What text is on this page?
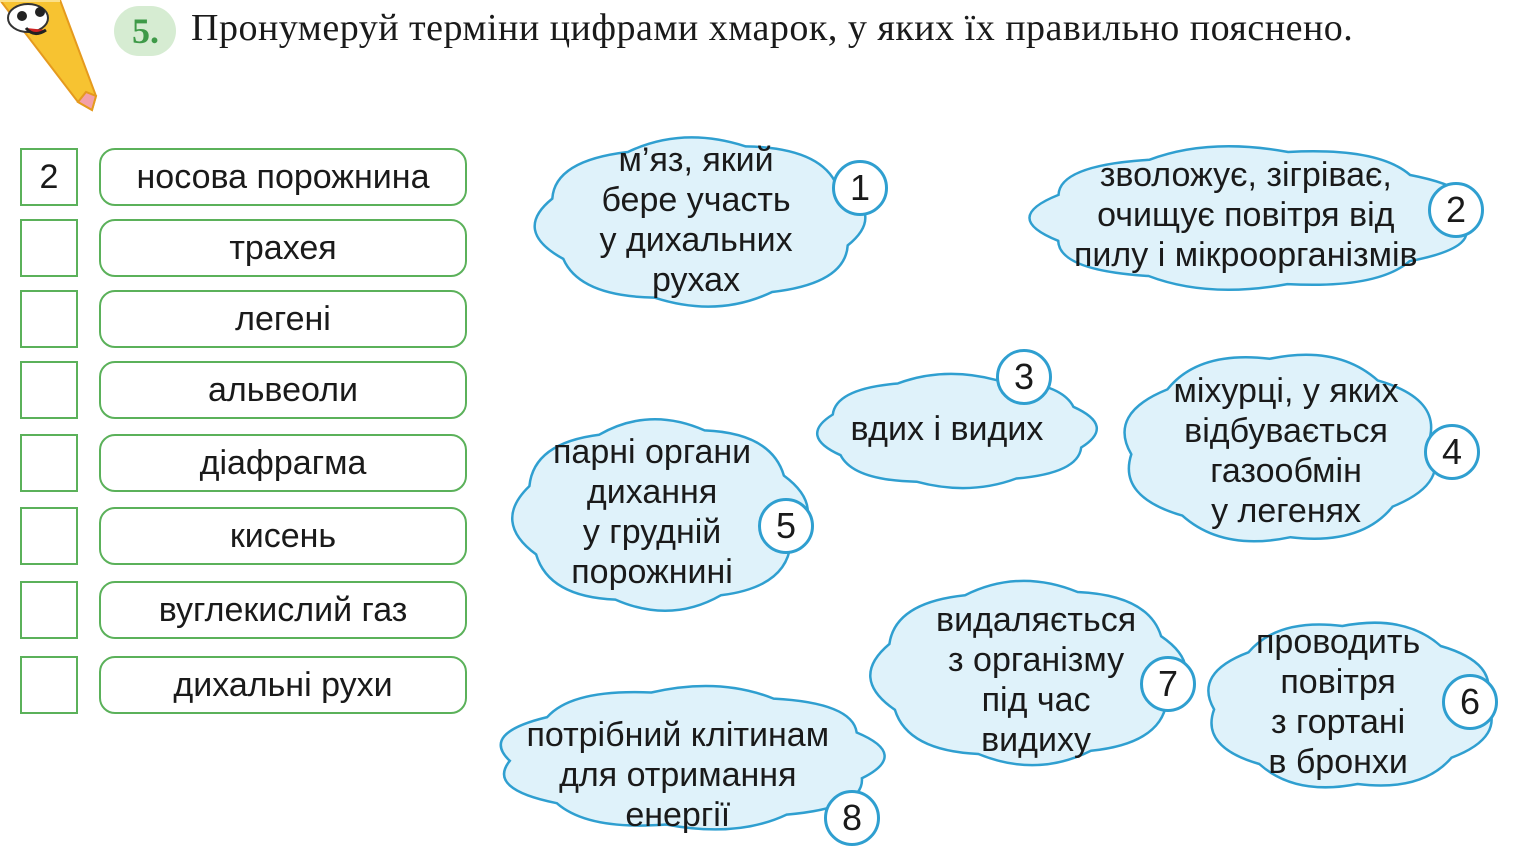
5. Пронумеруй терміни цифрами хмарок, у яких їх правильно пояснено.
2	носова порожнина
трахея
легені
альвеоли
діафрагма
кисень
вуглекислий газ
дихальні рухи
м’яз, який
бере участь
у дихальних
рухах
1	зволожує, зігріває,
очищує повітря від
пилу і мікроорганізмів
2
вдих і видих
3	міхурці, у яких
відбувається
газообмін
у легенях
4
парні органи
дихання
у грудній
порожнині
5
проводить
повітря
з гортані
в бронхи
6
видаляється
з організму
під час
видиху
7
потрібний клітинам
для отримання
енергії	8
